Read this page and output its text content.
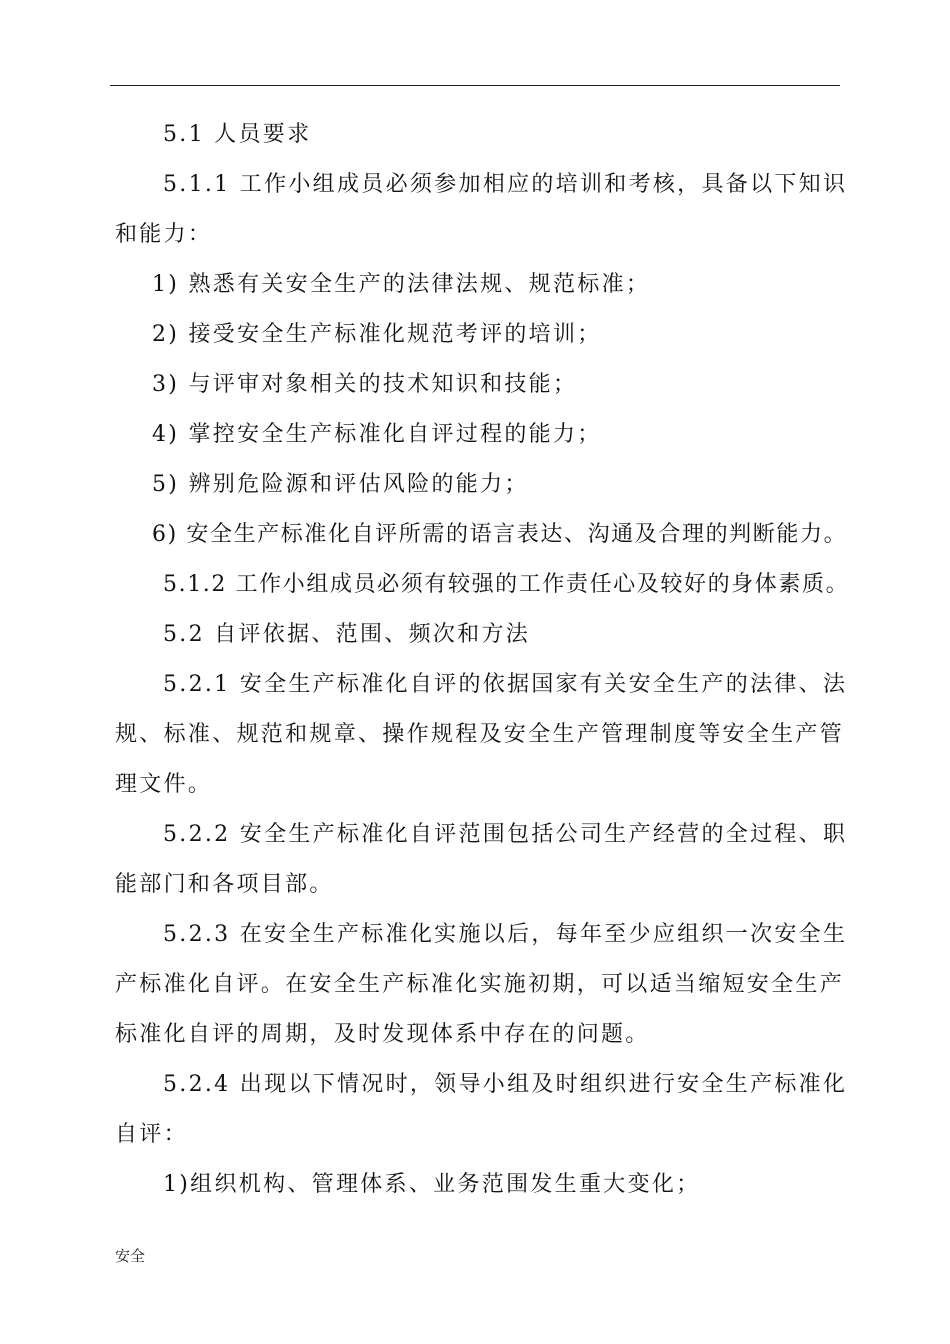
5.1 人员要求
5.1.1 工作小组成员必须参加相应的培训和考核，具备以下知识
和能力：
1) 熟悉有关安全生产的法律法规、规范标准；
2) 接受安全生产标准化规范考评的培训；
3) 与评审对象相关的技术知识和技能；
4) 掌控安全生产标准化自评过程的能力；
5) 辨别危险源和评估风险的能力；
6) 安全生产标准化自评所需的语言表达、沟通及合理的判断能力。
5.1.2 工作小组成员必须有较强的工作责任心及较好的身体素质。
5.2 自评依据、范围、频次和方法
5.2.1 安全生产标准化自评的依据国家有关安全生产的法律、法
规、标准、规范和规章、操作规程及安全生产管理制度等安全生产管
理文件。
5.2.2 安全生产标准化自评范围包括公司生产经营的全过程、职
能部门和各项目部。
5.2.3 在安全生产标准化实施以后，每年至少应组织一次安全生
产标准化自评。在安全生产标准化实施初期，可以适当缩短安全生产
标准化自评的周期，及时发现体系中存在的问题。
5.2.4 出现以下情况时，领导小组及时组织进行安全生产标准化
自评：
1)组织机构、管理体系、业务范围发生重大变化；
安全
